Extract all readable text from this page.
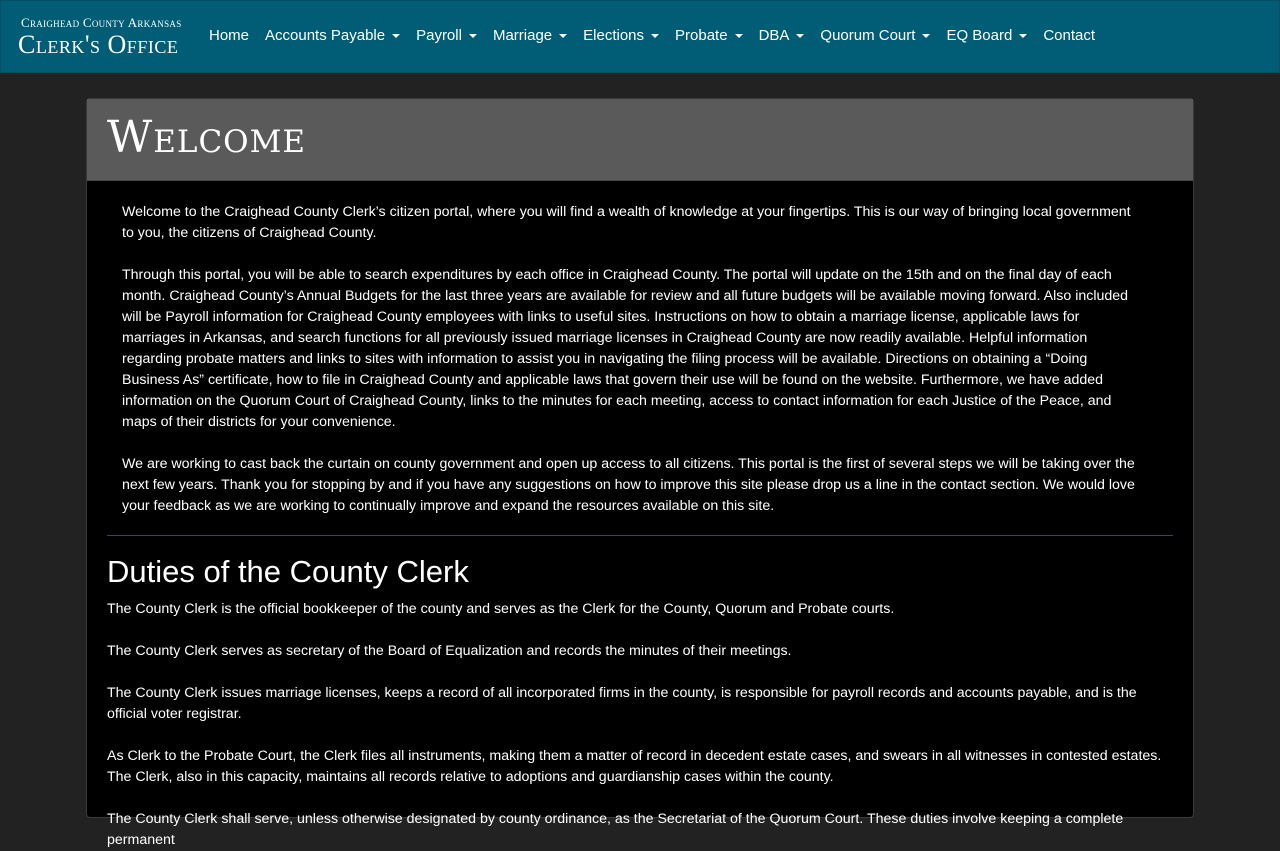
Craighead County Arkansas
Clerk's Office	Home Accounts Payable Payroll Marriage Elections Probate DBA Quorum Court EQ Board Contact
Welcome

Welcome to the Craighead County Clerk’s citizen portal, where you will find a wealth of knowledge at your fingertips. This is our way of bringing local government to you, the citizens of Craighead County.

Through this portal, you will be able to search expenditures by each office in Craighead County. The portal will update on the 15th and on the final day of each month. Craighead County’s Annual Budgets for the last three years are available for review and all future budgets will be available moving forward. Also included will be Payroll information for Craighead County employees with links to useful sites. Instructions on how to obtain a marriage license, applicable laws for marriages in Arkansas, and search functions for all previously issued marriage licenses in Craighead County are now readily available. Helpful information regarding probate matters and links to sites with information to assist you in navigating the filing process will be available. Directions on obtaining a “Doing Business As” certificate, how to file in Craighead County and applicable laws that govern their use will be found on the website. Furthermore, we have added information on the Quorum Court of Craighead County, links to the minutes for each meeting, access to contact information for each Justice of the Peace, and maps of their districts for your convenience.

We are working to cast back the curtain on county government and open up access to all citizens. This portal is the first of several steps we will be taking over the next few years. Thank you for stopping by and if you have any suggestions on how to improve this site please drop us a line in the contact section. We would love your feedback as we are working to continually improve and expand the resources available on this site.

Duties of the County Clerk

The County Clerk is the official bookkeeper of the county and serves as the Clerk for the County, Quorum and Probate courts.

The County Clerk serves as secretary of the Board of Equalization and records the minutes of their meetings.

The County Clerk issues marriage licenses, keeps a record of all incorporated firms in the county, is responsible for payroll records and accounts payable, and is the official voter registrar.

As Clerk to the Probate Court, the Clerk files all instruments, making them a matter of record in decedent estate cases, and swears in all witnesses in contested estates. The Clerk, also in this capacity, maintains all records relative to adoptions and guardianship cases within the county.

The County Clerk shall serve, unless otherwise designated by county ordinance, as the Secretariat of the Quorum Court. These duties involve keeping a complete permanent
